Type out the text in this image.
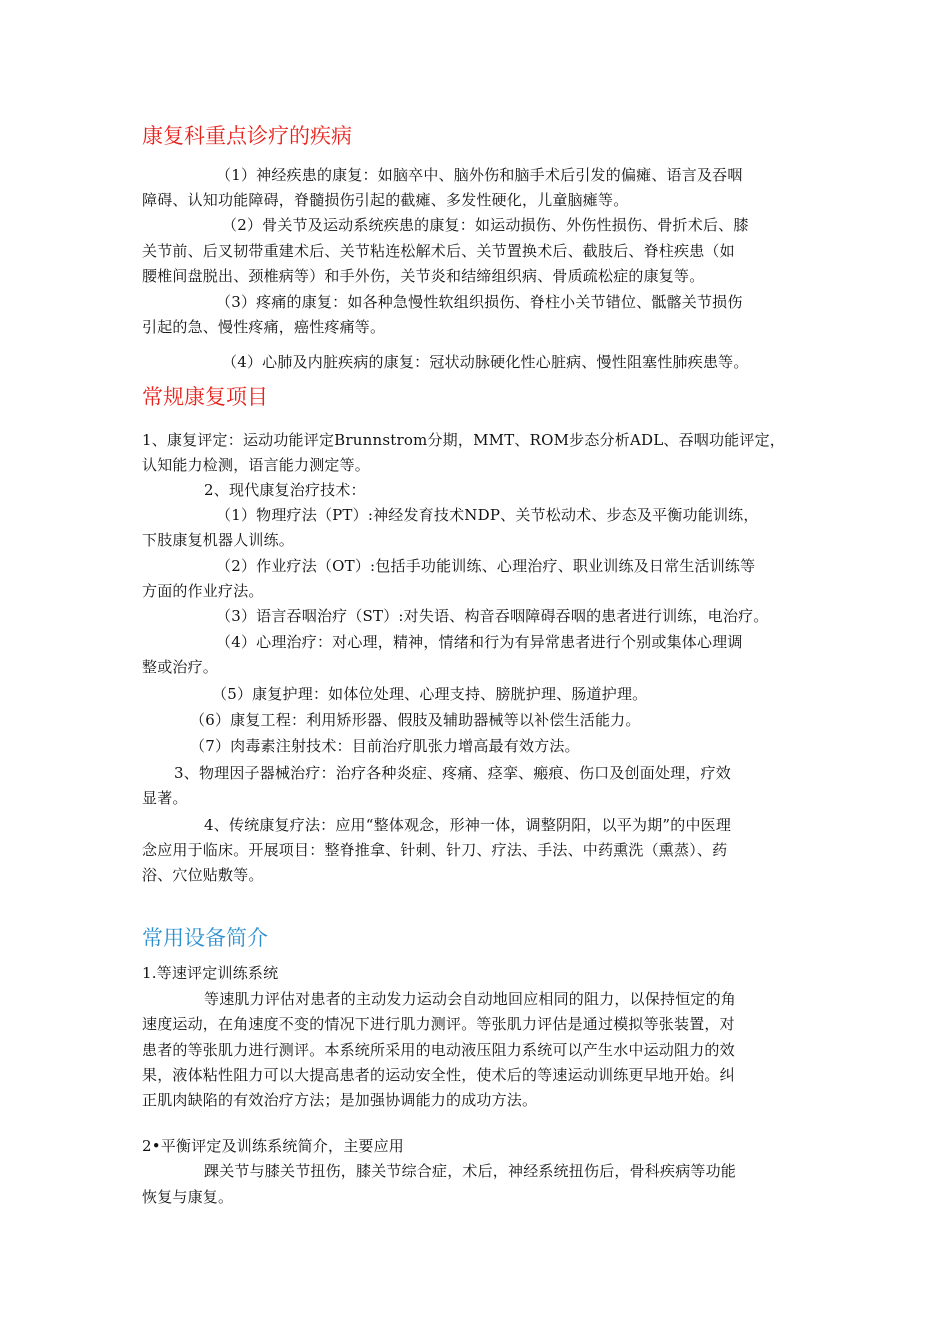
康复科重点诊疗的疾病
（1）神经疾患的康复：如脑卒中、脑外伤和脑手术后引发的偏瘫、语言及吞咽
障碍、认知功能障碍，脊髓损伤引起的截瘫、多发性硬化，儿童脑瘫等。
（2）骨关节及运动系统疾患的康复：如运动损伤、外伤性损伤、骨折术后、膝
关节前、后叉韧带重建术后、关节粘连松解术后、关节置换术后、截肢后、脊柱疾患（如
腰椎间盘脱出、颈椎病等）和手外伤，关节炎和结缔组织病、骨质疏松症的康复等。
（3）疼痛的康复：如各种急慢性软组织损伤、脊柱小关节错位、骶髂关节损伤
引起的急、慢性疼痛，癌性疼痛等。
（4）心肺及内脏疾病的康复：冠状动脉硬化性心脏病、慢性阻塞性肺疾患等。
常规康复项目
1、康复评定：运动功能评定Brunnstrom分期，MMT、ROM步态分析ADL、吞咽功能评定，
认知能力检测，语言能力测定等。
2、现代康复治疗技术：
（1）物理疗法（PT）:神经发育技术NDP、关节松动术、步态及平衡功能训练，
下肢康复机器人训练。
（2）作业疗法（OT）:包括手功能训练、心理治疗、职业训练及日常生活训练等
方面的作业疗法。
（3）语言吞咽治疗（ST）:对失语、构音吞咽障碍吞咽的患者进行训练，电治疗。
（4）心理治疗：对心理，精神，情绪和行为有异常患者进行个别或集体心理调
整或治疗。
（5）康复护理：如体位处理、心理支持、膀胱护理、肠道护理。
（6）康复工程：利用矫形器、假肢及辅助器械等以补偿生活能力。
（7）肉毒素注射技术：目前治疗肌张力增高最有效方法。
3、物理因子器械治疗：治疗各种炎症、疼痛、痉挛、瘢痕、伤口及创面处理，疗效
显著。
4、传统康复疗法：应用“整体观念，形神一体，调整阴阳，以平为期”的中医理
念应用于临床。开展项目：整脊推拿、针刺、针刀、疗法、手法、中药熏洗（熏蒸）、药
浴、穴位贴敷等。
常用设备简介
1.等速评定训练系统
等速肌力评估对患者的主动发力运动会自动地回应相同的阻力，以保持恒定的角
速度运动，在角速度不变的情况下进行肌力测评。等张肌力评估是通过模拟等张装置，对
患者的等张肌力进行测评。本系统所采用的电动液压阻力系统可以产生水中运动阻力的效
果，液体粘性阻力可以大提高患者的运动安全性，使术后的等速运动训练更早地开始。纠
正肌肉缺陷的有效治疗方法；是加强协调能力的成功方法。
2•平衡评定及训练系统简介，主要应用
踝关节与膝关节扭伤，膝关节综合症，术后，神经系统扭伤后，骨科疾病等功能
恢复与康复。
